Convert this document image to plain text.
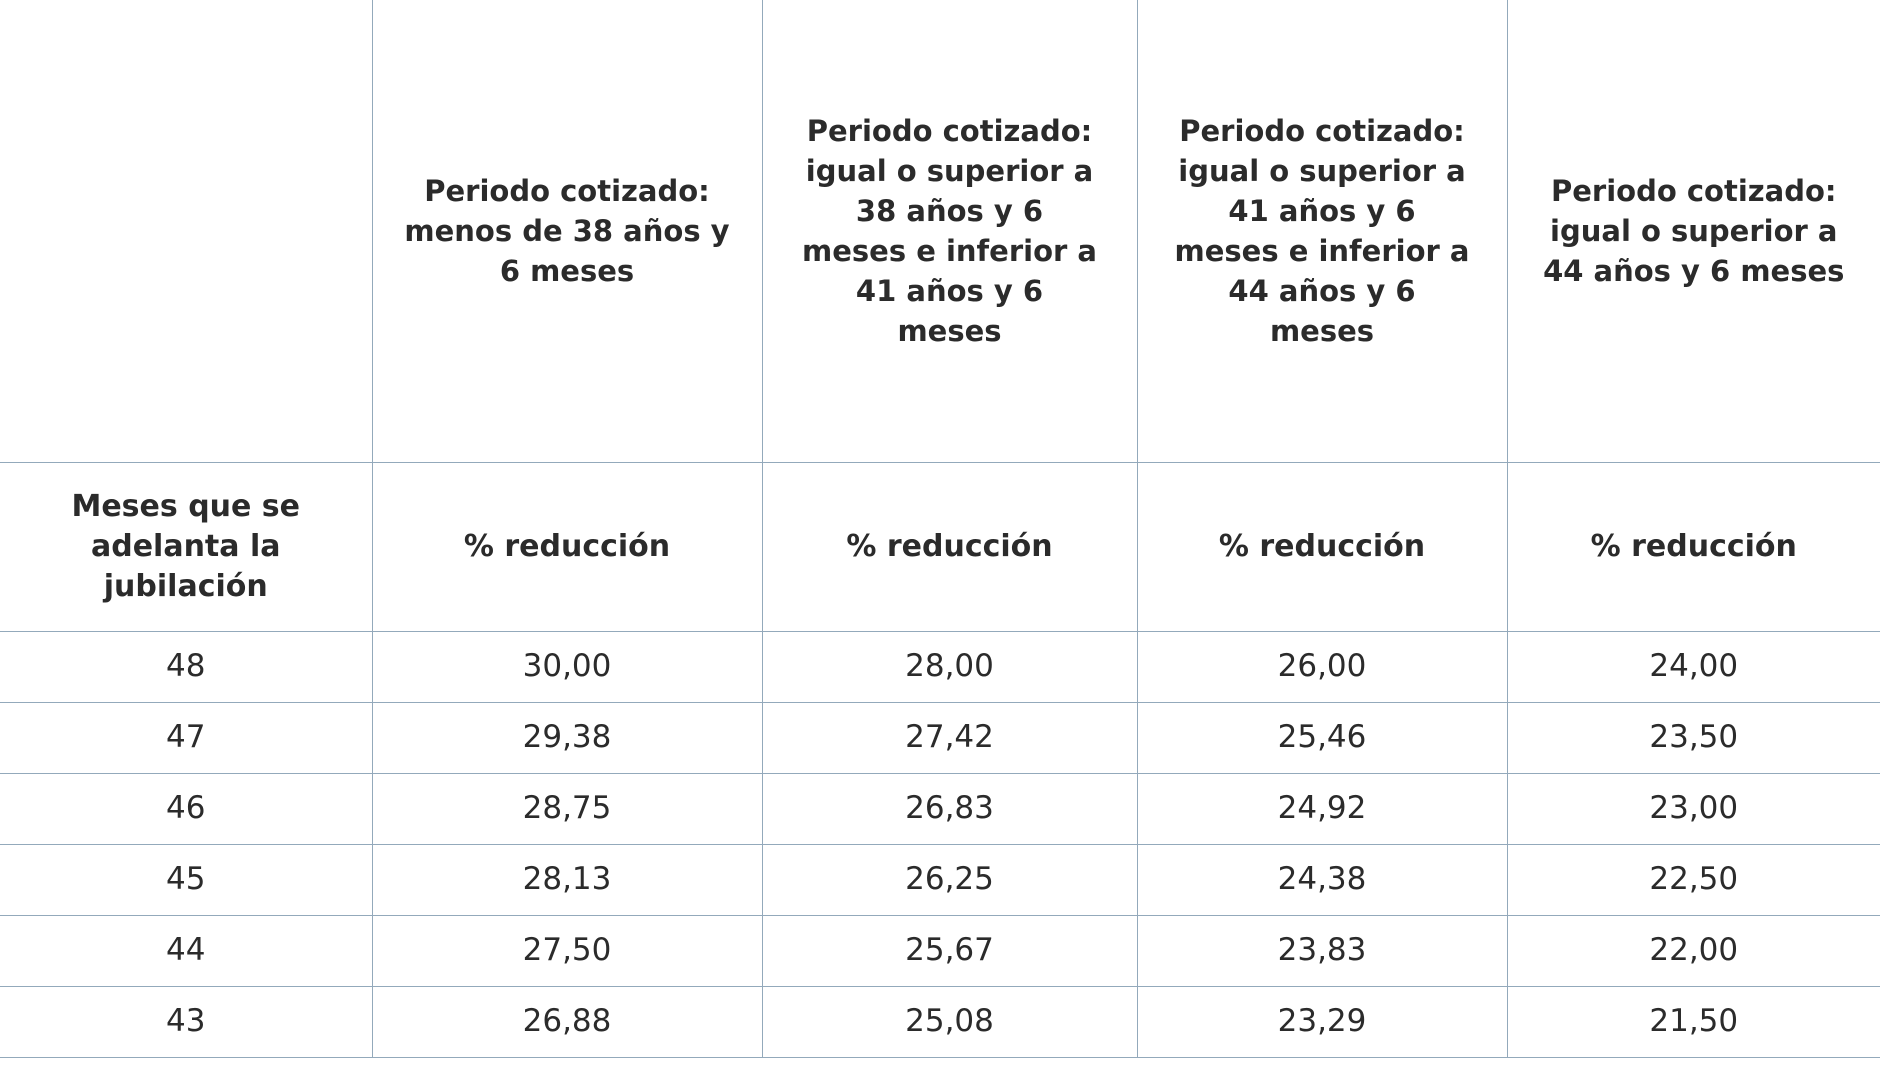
	Periodo cotizado: menos de 38 años y 6 meses	Periodo cotizado: igual o superior a 38 años y 6 meses e inferior a 41 años y 6 meses	Periodo cotizado: igual o superior a 41 años y 6 meses e inferior a 44 años y 6 meses	Periodo cotizado: igual o superior a 44 años y 6 meses

Meses que se adelanta la jubilación	% reducción	% reducción	% reducción	% reducción
48	30,00	28,00	26,00	24,00
47	29,38	27,42	25,46	23,50
46	28,75	26,83	24,92	23,00
45	28,13	26,25	24,38	22,50
44	27,50	25,67	23,83	22,00
43	26,88	25,08	23,29	21,50
